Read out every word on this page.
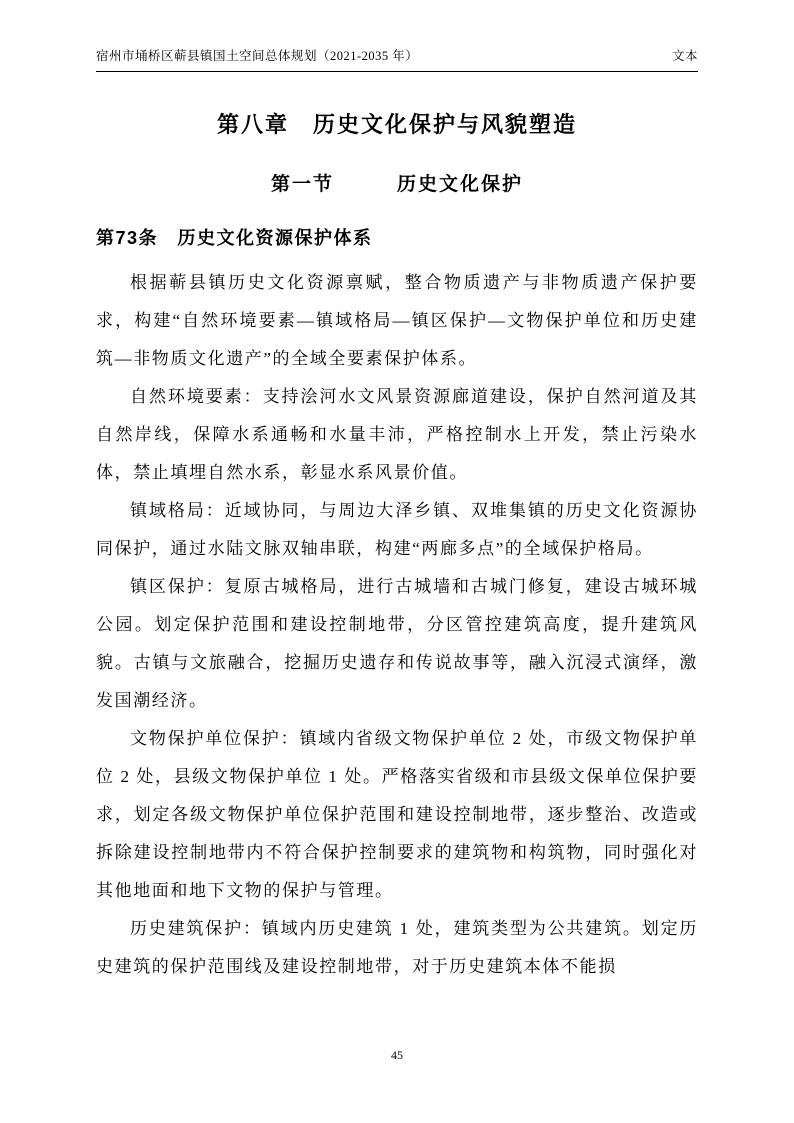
宿州市埇桥区蕲县镇国土空间总体规划（2021-2035 年）	文本
第八章　历史文化保护与风貌塑造
第一节　　　历史文化保护
第73条　历史文化资源保护体系

根据蕲县镇历史文化资源禀赋，整合物质遗产与非物质遗产保护要求，构建“自然环境要素—镇域格局—镇区保护—文物保护单位和历史建筑—非物质文化遗产”的全域全要素保护体系。

自然环境要素：支持浍河水文风景资源廊道建设，保护自然河道及其自然岸线，保障水系通畅和水量丰沛，严格控制水上开发，禁止污染水体，禁止填埋自然水系，彰显水系风景价值。

镇域格局：近域协同，与周边大泽乡镇、双堆集镇的历史文化资源协同保护，通过水陆文脉双轴串联，构建“两廊多点”的全域保护格局。

镇区保护：复原古城格局，进行古城墙和古城门修复，建设古城环城公园。划定保护范围和建设控制地带，分区管控建筑高度，提升建筑风貌。古镇与文旅融合，挖掘历史遗存和传说故事等，融入沉浸式演绎，激发国潮经济。

文物保护单位保护：镇域内省级文物保护单位 2 处，市级文物保护单位 2 处，县级文物保护单位 1 处。严格落实省级和市县级文保单位保护要求，划定各级文物保护单位保护范围和建设控制地带，逐步整治、改造或拆除建设控制地带内不符合保护控制要求的建筑物和构筑物，同时强化对其他地面和地下文物的保护与管理。

历史建筑保护：镇域内历史建筑 1 处，建筑类型为公共建筑。划定历史建筑的保护范围线及建设控制地带，对于历史建筑本体不能损

45
